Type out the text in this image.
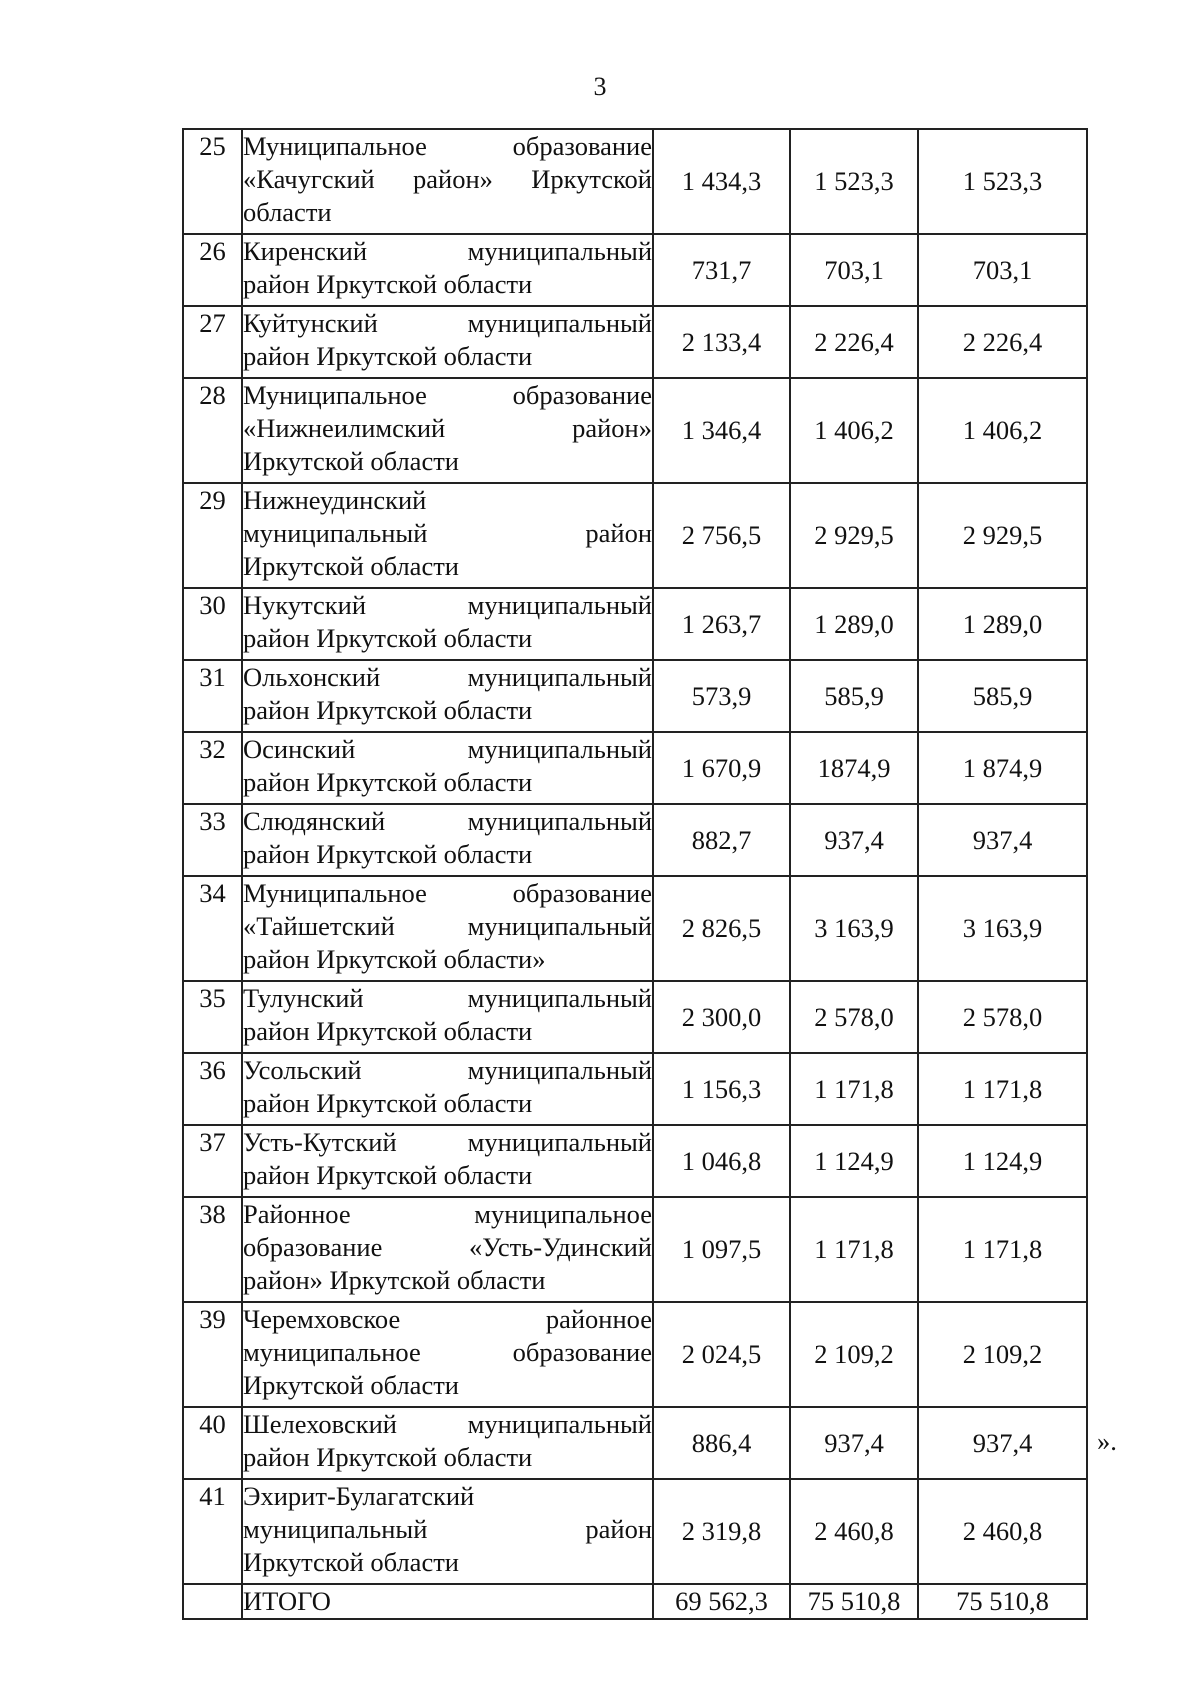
3
25	Муниципальное образование
«Качугский район» Иркутской
области	1 434,3	1 523,3	1 523,3
26	Киренский муниципальный
район Иркутской области	731,7	703,1	703,1
27	Куйтунский муниципальный
район Иркутской области	2 133,4	2 226,4	2 226,4
28	Муниципальное образование
«Нижнеилимский район»
Иркутской области	1 346,4	1 406,2	1 406,2
29	Нижнеудинский
муниципальный район
Иркутской области	2 756,5	2 929,5	2 929,5
30	Нукутский муниципальный
район Иркутской области	1 263,7	1 289,0	1 289,0
31	Ольхонский муниципальный
район Иркутской области	573,9	585,9	585,9
32	Осинский муниципальный
район Иркутской области	1 670,9	1874,9	1 874,9
33	Слюдянский муниципальный
район Иркутской области	882,7	937,4	937,4
34	Муниципальное образование
«Тайшетский муниципальный
район Иркутской области»	2 826,5	3 163,9	3 163,9
35	Тулунский муниципальный
район Иркутской области	2 300,0	2 578,0	2 578,0
36	Усольский муниципальный
район Иркутской области	1 156,3	1 171,8	1 171,8
37	Усть-Кутский муниципальный
район Иркутской области	1 046,8	1 124,9	1 124,9
38	Районное муниципальное
образование «Усть-Удинский
район» Иркутской области	1 097,5	1 171,8	1 171,8
39	Черемховское районное
муниципальное образование
Иркутской области	2 024,5	2 109,2	2 109,2
40	Шелеховский муниципальный
район Иркутской области	886,4	937,4	937,4
41	Эхирит-Булагатский
муниципальный район
Иркутской области	2 319,8	2 460,8	2 460,8
	ИТОГО	69 562,3	75 510,8	75 510,8
».
